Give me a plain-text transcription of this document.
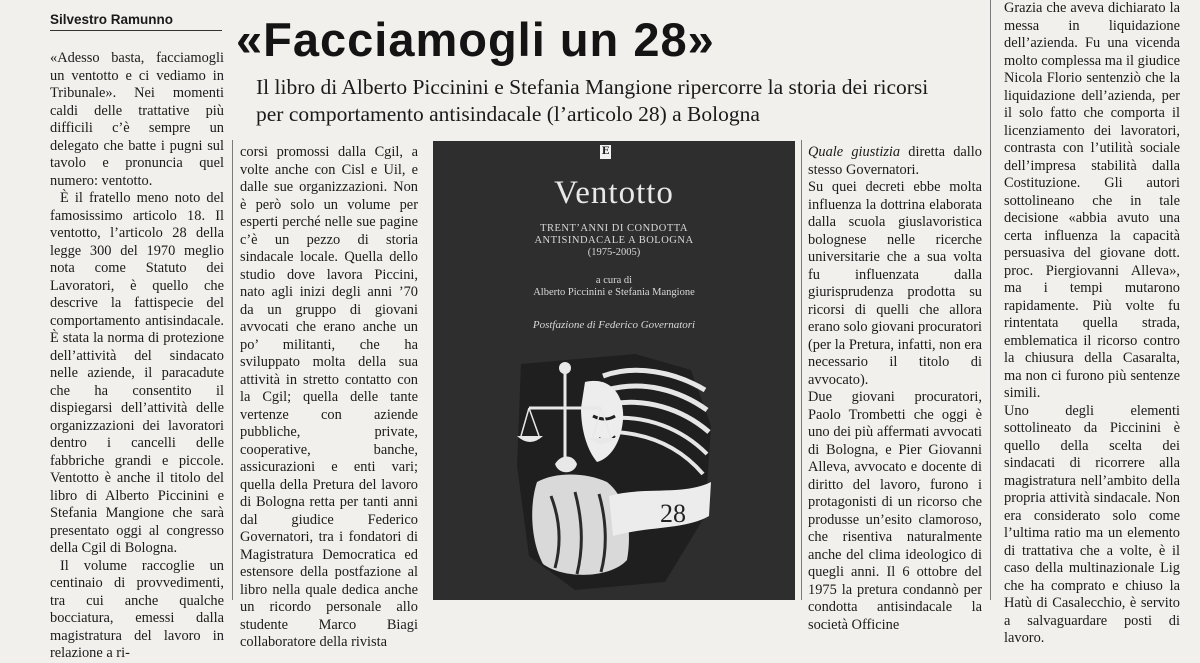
Silvestro Ramunno «Facciamogli un 28»
Il libro di Alberto Piccinini e Stefania Mangione ripercorre la storia dei ricorsi per comportamento antisindacale (l’articolo 28) a Bologna

«Adesso basta, facciamogli un ventotto e ci vediamo in Tribunale». Nei momenti caldi delle trattative più difficili c’è sempre un delegato che batte i pugni sul tavolo e pronuncia quel numero: ventotto.

È il fratello meno noto del famosissimo articolo 18. Il ventotto, l’articolo 28 della legge 300 del 1970 meglio nota come Statuto dei Lavoratori, è quello che descrive la fattispecie del comportamento antisindacale. È stata la norma di protezione dell’attività del sindacato nelle aziende, il paracadute che ha consentito il dispiegarsi dell’attività delle organizzazioni dei lavoratori dentro i cancelli delle fabbriche grandi e piccole. Ventotto è anche il titolo del libro di Alberto Piccinini e Stefania Mangione che sarà presentato oggi al congresso della Cgil di Bologna.

Il volume raccoglie un centinaio di provvedimenti, tra cui anche qualche bocciatura, emessi dalla magistratura del lavoro in relazione a ri-

corsi promossi dalla Cgil, a volte anche con Cisl e Uil, e dalle sue organizzazioni. Non è però solo un volume per esperti perché nelle sue pagine c’è un pezzo di storia sindacale locale. Quella dello studio dove lavora Piccini, nato agli inizi degli anni ’70 da un gruppo di giovani avvocati che erano anche un po’ militanti, che ha sviluppato molta della sua attività in stretto contatto con la Cgil; quella delle tante vertenze con aziende pubbliche, private, cooperative, banche, assicurazioni e enti vari; quella della Pretura del lavoro di Bologna retta per tanti anni dal giudice Federico Governatori, tra i fondatori di Magistratura Democratica ed estensore della postfazione al libro nella quale dedica anche un ricordo personale allo studente Marco Biagi collaboratore della rivista

E
Ventotto
TRENT’ANNI DI CONDOTTA
ANTISINDACALE A BOLOGNA
(1975-2005)
a cura di
Alberto Piccinini e Stefania Mangione
Postfazione di Federico Governatori
28

Quale giustizia diretta dallo stesso Governatori.

Su quei decreti ebbe molta influenza la dottrina elaborata dalla scuola giuslavoristica bolognese nelle ricerche universitarie che a sua volta fu influenzata dalla giurisprudenza prodotta su ricorsi di quelli che allora erano solo giovani procuratori (per la Pretura, infatti, non era necessario il titolo di avvocato).

Due giovani procuratori, Paolo Trombetti che oggi è uno dei più affermati avvocati di Bologna, e Pier Giovanni Alleva, avvocato e docente di diritto del lavoro, furono i protagonisti di un ricorso che produsse un’esito clamoroso, che risentiva naturalmente anche del clima ideologico di quegli anni. Il 6 ottobre del 1975 la pretura condannò per condotta antisindacale la società Officine

Grazia che aveva dichiarato la messa in liquidazione dell’azienda. Fu una vicenda molto complessa ma il giudice Nicola Florio sentenziò che la liquidazione dell’azienda, per il solo fatto che comporta il licenziamento dei lavoratori, contrasta con l’utilità sociale dell’impresa stabilità dalla Costituzione. Gli autori sottolineano che in tale decisione «abbia avuto una certa influenza la capacità persuasiva del giovane dott. proc. Piergiovanni Alleva», ma i tempi mutarono rapidamente. Più volte fu rintentata quella strada, emblematica il ricorso contro la chiusura della Casaralta, ma non ci furono più sentenze simili.

Uno degli elementi sottolineato da Piccinini è quello della scelta dei sindacati di ricorrere alla magistratura nell’ambito della propria attività sindacale. Non era considerato solo come l’ultima ratio ma un elemento di trattativa che a volte, è il caso della multinazionale Lig che ha comprato e chiuso la Hatù di Casalecchio, è servito a salvaguardare posti di lavoro.
